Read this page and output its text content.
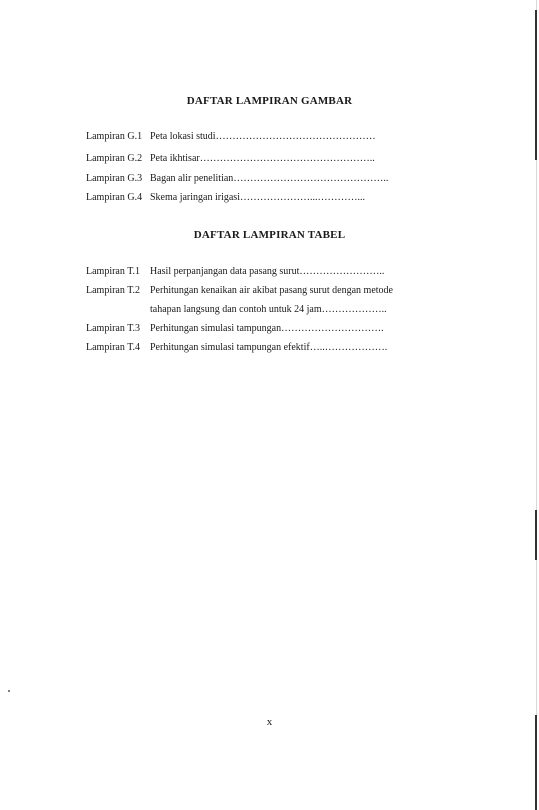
DAFTAR LAMPIRAN GAMBAR
Lampiran G.1 Peta lokasi studi…………………………………………
Lampiran G.2 Peta ikhtisar……………………………………………..
Lampiran G.3 Bagan alir penelitian………………………………………..
Lampiran G.4 Skema jaringan irigasi…………………...…………...
DAFTAR LAMPIRAN TABEL
Lampiran T.1 Hasil perpanjangan data pasang surut……………………..
Lampiran T.2 Perhitungan kenaikan air akibat pasang surut dengan metode
tahapan langsung dan contoh untuk 24 jam………………..
Lampiran T.3 Perhitungan simulasi tampungan………………………….
Lampiran T.4 Perhitungan simulasi tampungan efektif…..……………….
x
